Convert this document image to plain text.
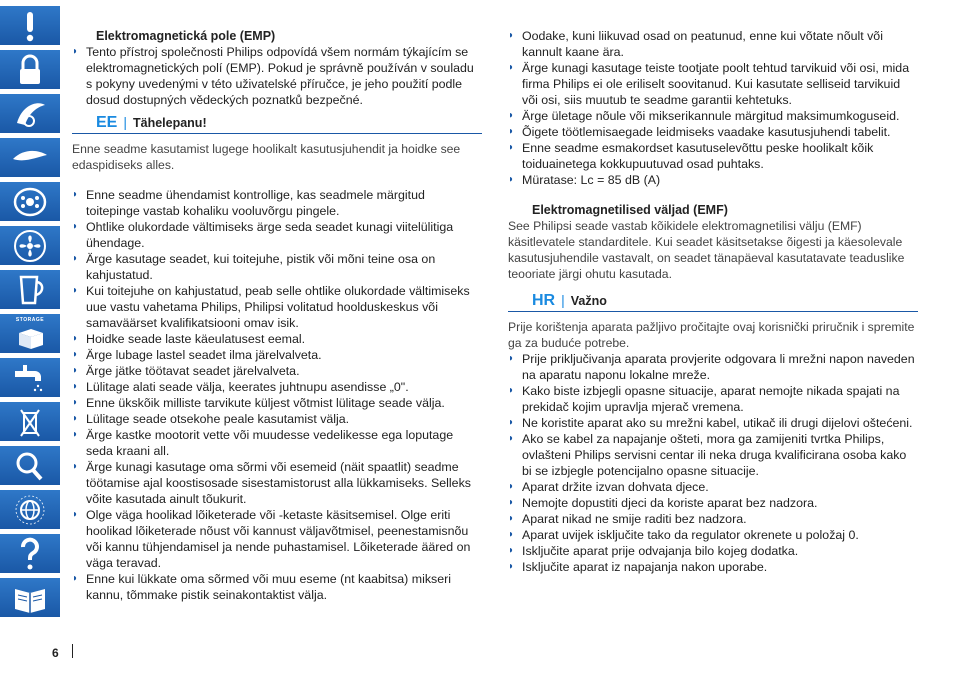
STORAGE
Elektromagnetická pole (EMP)
◗ Tento přístroj společnosti Philips odpovídá všem normám týkajícím se elektromagnetických polí (EMP). Pokud je správně používán v souladu s pokyny uvedenými v této uživatelské příručce, je jeho použití podle dosud dostupných vědeckých poznatků bezpečné.
EE | Tähelepanu!
Enne seadme kasutamist lugege hoolikalt kasutusjuhendit ja hoidke see edaspidiseks alles.
◗ Enne seadme ühendamist kontrollige, kas seadmele märgitud toitepinge vastab kohaliku vooluvõrgu pingele.
◗ Ohtlike olukordade vältimiseks ärge seda seadet kunagi viitelülitiga ühendage.
◗ Ärge kasutage seadet, kui toitejuhe, pistik või mõni teine osa on kahjustatud.
◗ Kui toitejuhe on kahjustatud, peab selle ohtlike olukordade vältimiseks uue vastu vahetama Philips, Philipsi volitatud hoolduskeskus või samaväärset kvalifikatsiooni omav isik.
◗ Hoidke seade laste käeulatusest eemal.
◗ Ärge lubage lastel seadet ilma järelvalveta.
◗ Ärge jätke töötavat seadet järelvalveta.
◗ Lülitage alati seade välja, keerates juhtnupu asendisse „0".
◗ Enne ükskõik milliste tarvikute küljest võtmist lülitage seade välja.
◗ Lülitage seade otsekohe peale kasutamist välja.
◗ Ärge kastke mootorit vette või muudesse vedelikesse ega loputage seda kraani all.
◗ Ärge kunagi kasutage oma sõrmi või esemeid (näit spaatlit) seadme töötamise ajal koostisosade sisestamistorust alla lükkamiseks. Selleks võite kasutada ainult tõukurit.
◗ Olge väga hoolikad lõiketerade või -ketaste käsitsemisel. Olge eriti hoolikad lõiketerade nõust või kannust väljavõtmisel, peenestamisnõu või kannu tühjendamisel ja nende puhastamisel. Lõiketerade ääred on väga teravad.
◗ Enne kui lükkate oma sõrmed või muu eseme (nt kaabitsa) mikseri kannu, tõmmake pistik seinakontaktist välja.
◗ Oodake, kuni liikuvad osad on peatunud, enne kui võtate nõult või kannult kaane ära.
◗ Ärge kunagi kasutage teiste tootjate poolt tehtud tarvikuid või osi, mida firma Philips ei ole eriliselt soovitanud. Kui kasutate selliseid tarvikuid või osi, siis muutub te seadme garantii kehtetuks.
◗ Ärge ületage nõule või mikserikannule märgitud maksimumkoguseid.
◗ Õigete töötlemisaegade leidmiseks vaadake kasutusjuhendi tabelit.
◗ Enne seadme esmakordset kasutuselevõttu peske hoolikalt kõik toiduainetega kokkupuutuvad osad puhtaks.
◗ Müratase: Lc = 85 dB (A)
Elektromagnetilised väljad (EMF)
See Philipsi seade vastab kõikidele elektromagnetilisi välju (EMF) käsitlevatele standarditele. Kui seadet käsitsetakse õigesti ja käesolevale kasutusjuhendile vastavalt, on seadet tänapäeval kasutatavate teaduslike teooriate järgi ohutu kasutada.
HR | Važno
Prije korištenja aparata pažljivo pročitajte ovaj korisnički priručnik i spremite ga za buduće potrebe.
◗ Prije priključivanja aparata provjerite odgovara li mrežni napon naveden na aparatu naponu lokalne mreže.
◗ Kako biste izbjegli opasne situacije, aparat nemojte nikada spajati na prekidač kojim upravlja mjerač vremena.
◗ Ne koristite aparat ako su mrežni kabel, utikač ili drugi dijelovi oštećeni.
◗ Ako se kabel za napajanje ošteti, mora ga zamijeniti tvrtka Philips, ovlašteni Philips servisni centar ili neka druga kvalificirana osoba kako bi se izbjegle potencijalno opasne situacije.
◗ Aparat držite izvan dohvata djece.
◗ Nemojte dopustiti djeci da koriste aparat bez nadzora.
◗ Aparat nikad ne smije raditi bez nadzora.
◗ Aparat uvijek isključite tako da regulator okrenete u položaj 0.
◗ Isključite aparat prije odvajanja bilo kojeg dodatka.
◗ Isključite aparat iz napajanja nakon uporabe.
6
